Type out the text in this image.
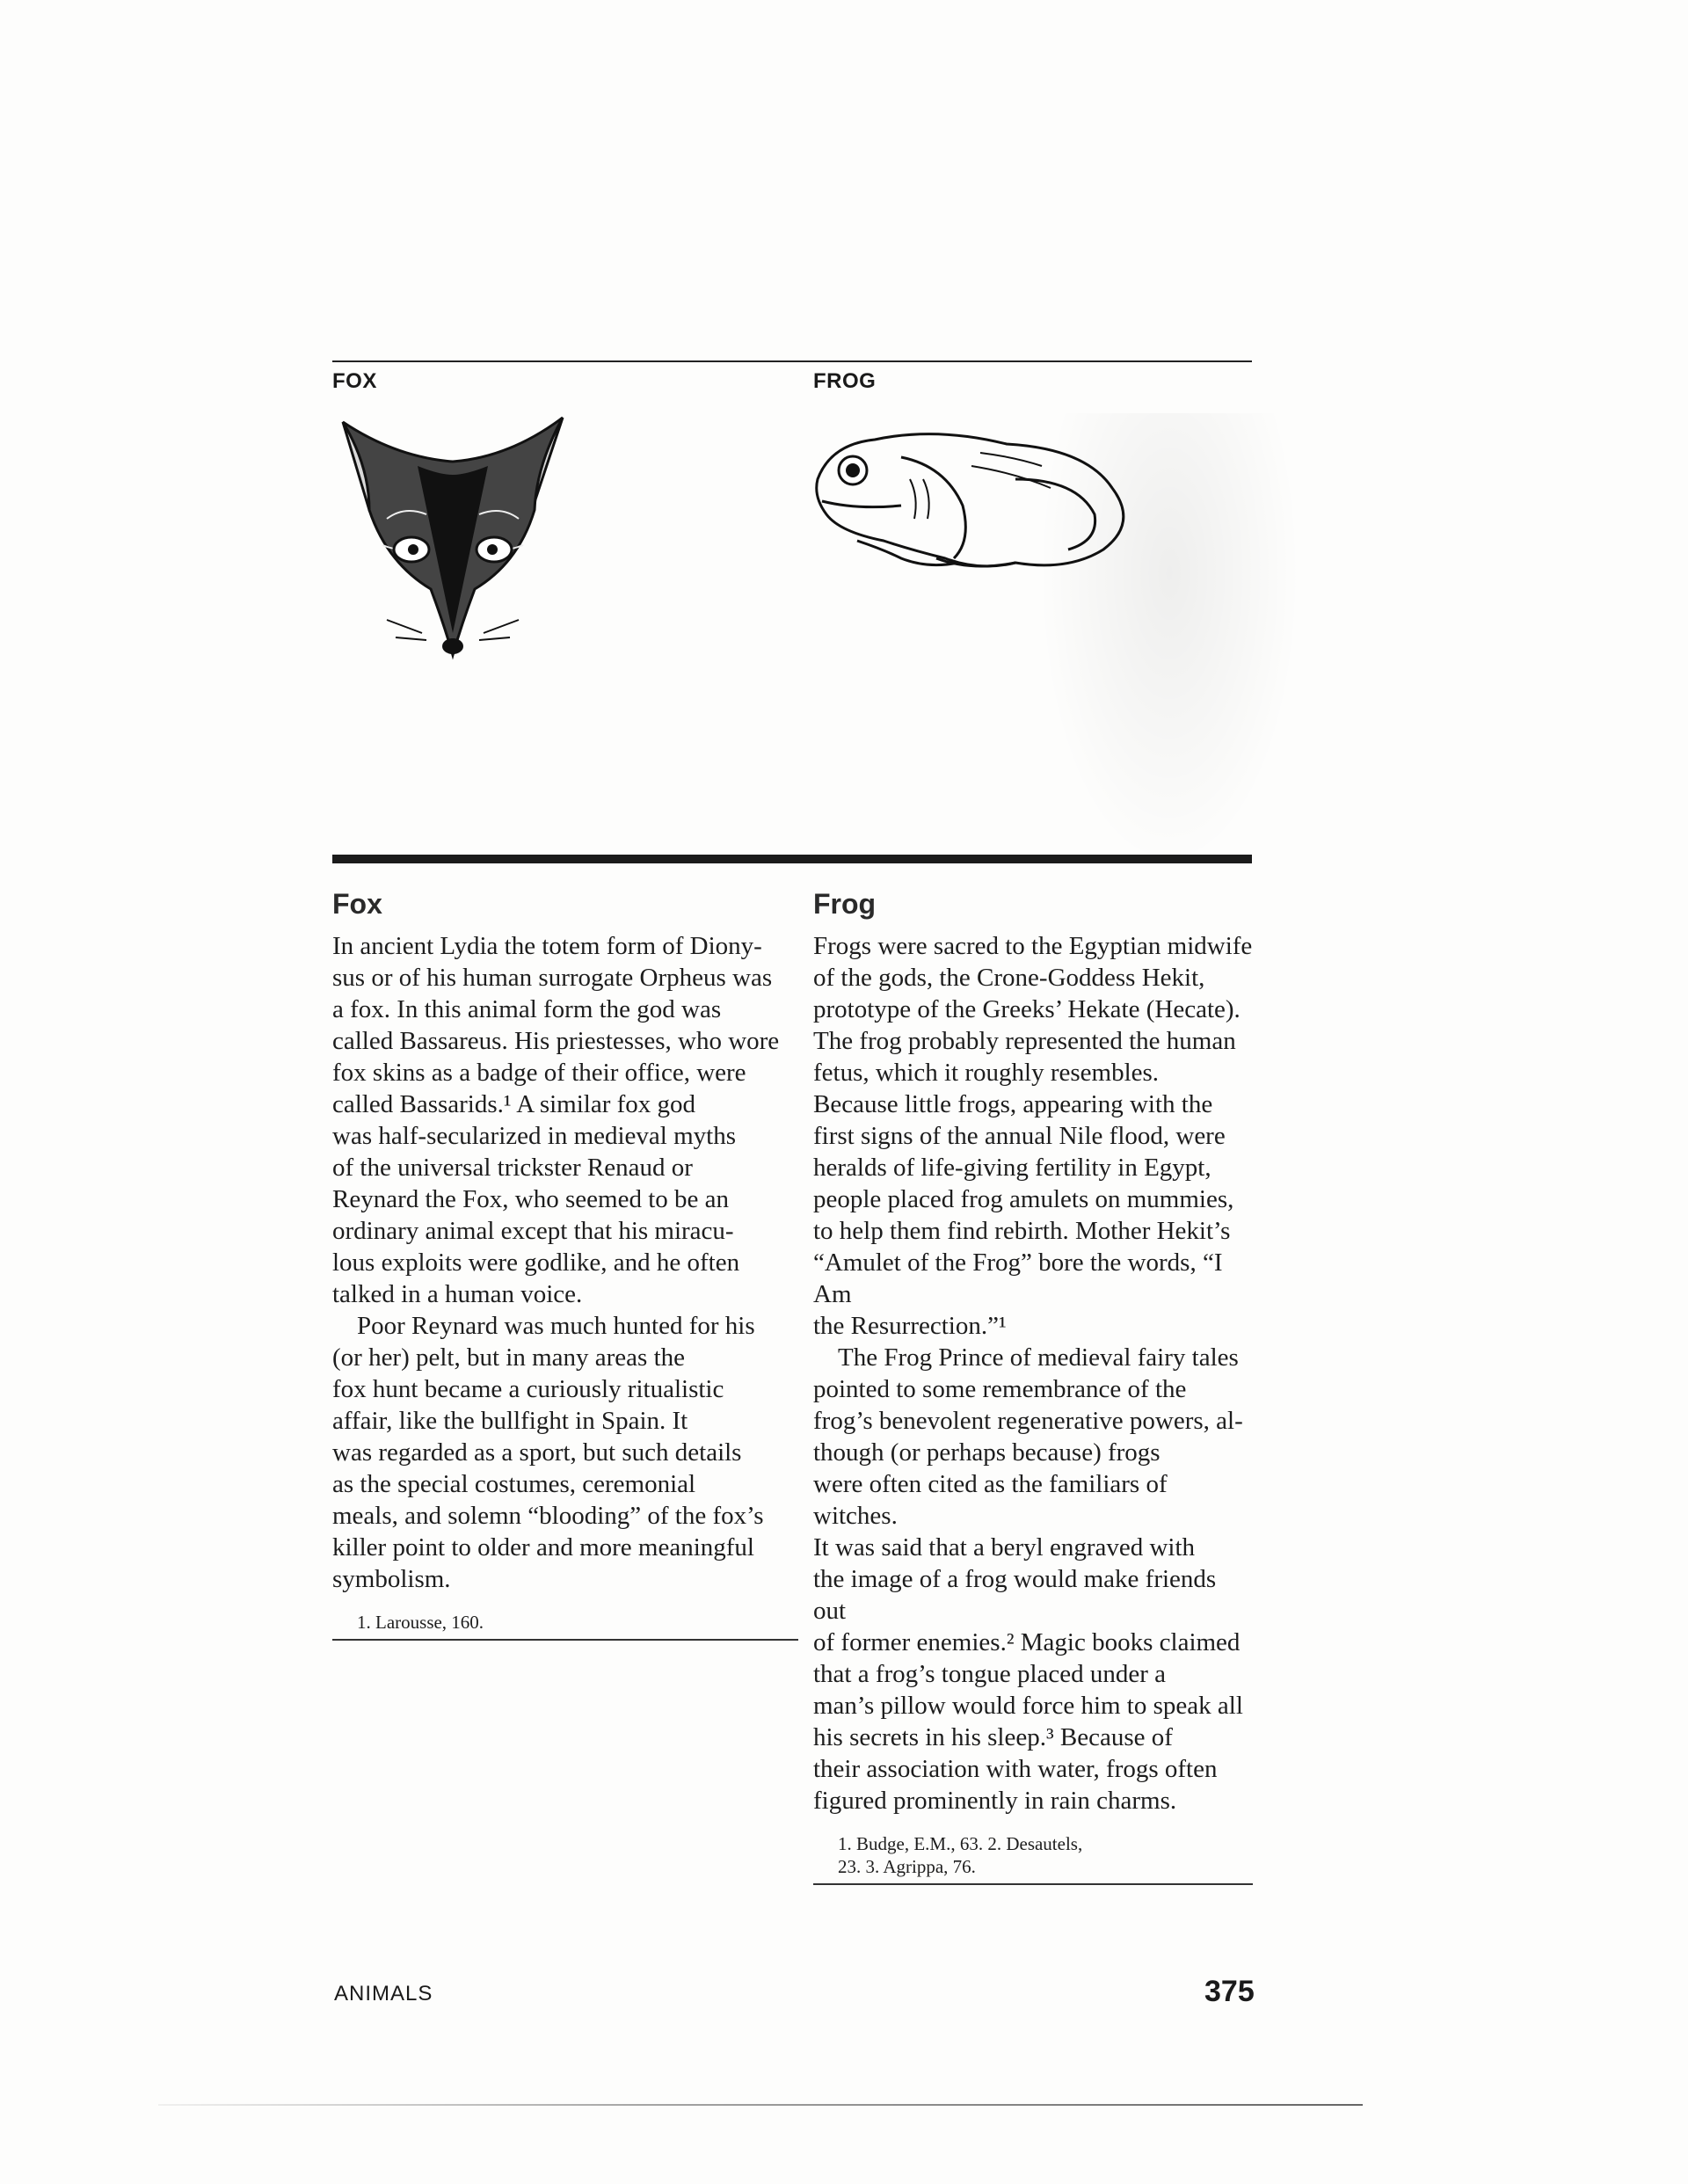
FOX	FROG
Fox	Frog

In ancient Lydia the totem form of Diony-
sus or of his human surrogate Orpheus was
a fox. In this animal form the god was
called Bassareus. His priestesses, who wore
fox skins as a badge of their office, were
called Bassarids.¹ A similar fox god
was half-secularized in medieval myths
of the universal trickster Renaud or
Reynard the Fox, who seemed to be an
ordinary animal except that his miracu-
lous exploits were godlike, and he often
talked in a human voice.

Poor Reynard was much hunted for his
(or her) pelt, but in many areas the
fox hunt became a curiously ritualistic
affair, like the bullfight in Spain. It
was regarded as a sport, but such details
as the special costumes, ceremonial
meals, and solemn “blooding” of the fox’s
killer point to older and more meaningful
symbolism.

1. Larousse, 160.

Frogs were sacred to the Egyptian midwife
of the gods, the Crone-Goddess Hekit,
prototype of the Greeks’ Hekate (Hecate).
The frog probably represented the human
fetus, which it roughly resembles.
Because little frogs, appearing with the
first signs of the annual Nile flood, were
heralds of life-giving fertility in Egypt,
people placed frog amulets on mummies,
to help them find rebirth. Mother Hekit’s
“Amulet of the Frog” bore the words, “I Am
the Resurrection.”¹

The Frog Prince of medieval fairy tales
pointed to some remembrance of the
frog’s benevolent regenerative powers, al-
though (or perhaps because) frogs
were often cited as the familiars of witches.
It was said that a beryl engraved with
the image of a frog would make friends out
of former enemies.² Magic books claimed
that a frog’s tongue placed under a
man’s pillow would force him to speak all
his secrets in his sleep.³ Because of
their association with water, frogs often
figured prominently in rain charms.

1. Budge, E.M., 63. 2. Desautels,
23. 3. Agrippa, 76.
ANIMALS	375
